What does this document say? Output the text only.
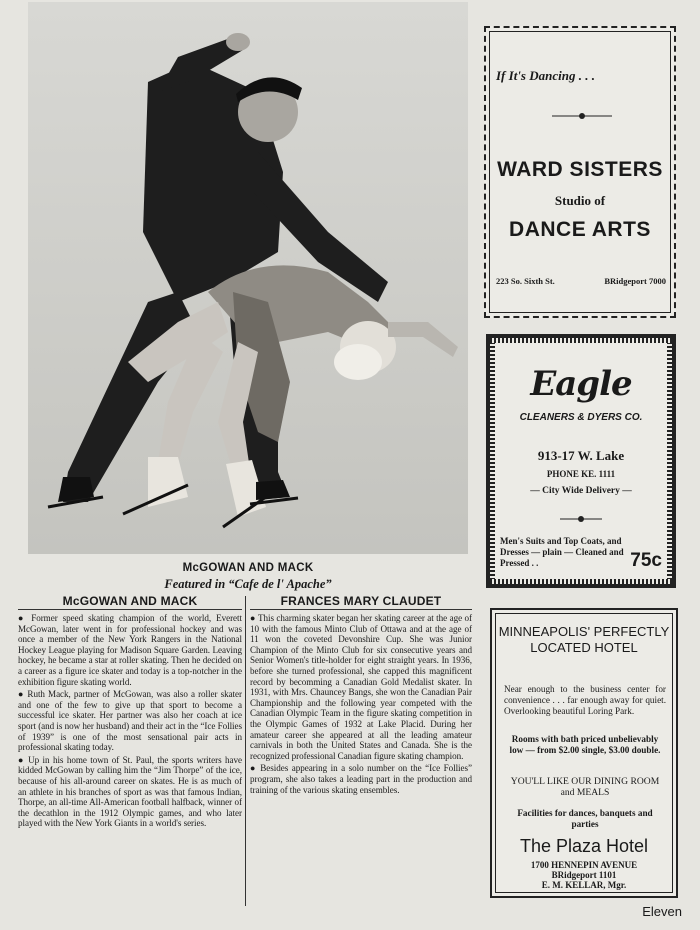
McGOWAN AND MACK
Featured in “Cafe de l' Apache”
McGOWAN AND MACK

● Former speed skating champion of the world, Everett McGowan, later went in for professional hockey and was once a member of the New York Rangers in the National Hockey League playing for Madison Square Garden. Leaving hockey, he became a star at roller skating. Then he decided on a career as a figure ice skater and today is a top-notcher in the exhibition figure skating world.

● Ruth Mack, partner of McGowan, was also a roller skater and one of the few to give up that sport to become a successful ice skater. Her partner was also her coach at ice sport (and is now her husband) and their act in the “Ice Follies of 1939” is one of the most sensational pair acts in professional skating today.

● Up in his home town of St. Paul, the sports writers have kidded McGowan by calling him the “Jim Thorpe” of the ice, because of his all-around career on skates. He is as much of an athlete in his branches of sport as was that famous Indian, Thorpe, an all-time All-American football halfback, winner of the decathlon in the 1912 Olympic games, and who later played with the New York Giants in a world's series.

FRANCES MARY CLAUDET

● This charming skater began her skating career at the age of 10 with the famous Minto Club of Ottawa and at the age of 11 won the coveted Devonshire Cup. She was Junior Champion of the Minto Club for six consecutive years and Senior Women's title-holder for eight straight years. In 1936, before she turned professional, she capped this magnificent record by becomming a Canadian Gold Medalist skater. In 1931, with Mrs. Chauncey Bangs, she won the Canadian Pair Championship and the following year competed with the Canadian Olympic Team in the figure skating competition in the Olympic Games of 1932 at Lake Placid. During her amateur career she appeared at all the leading amateur carnivals in both the United States and Canada. She is the recognized professional Canadian figure skating champion.

● Besides appearing in a solo number on the “Ice Follies” program, she also takes a leading part in the production and training of the various skating ensembles.

If It's Dancing . . .
WARD SISTERS
Studio of
DANCE ARTS
223 So. Sixth St.	BRidgeport 7000
Eagle
CLEANERS & DYERS CO.
913-17 W. Lake
PHONE KE. 1111
— City Wide Delivery —
Men's Suits and Top Coats, and Dresses — plain — Cleaned and Pressed . .	75c
MINNEAPOLIS' PERFECTLY LOCATED HOTEL
Near enough to the business center for convenience . . . far enough away for quiet. Overlooking beautiful Loring Park.
Rooms with bath priced unbelievably low — from $2.00 single, $3.00 double.
YOU'LL LIKE OUR DINING ROOM and MEALS
Facilities for dances, banquets and parties
The Plaza Hotel
1700 HENNEPIN AVENUE
BRidgeport 1101
E. M. KELLAR, Mgr.
Eleven
